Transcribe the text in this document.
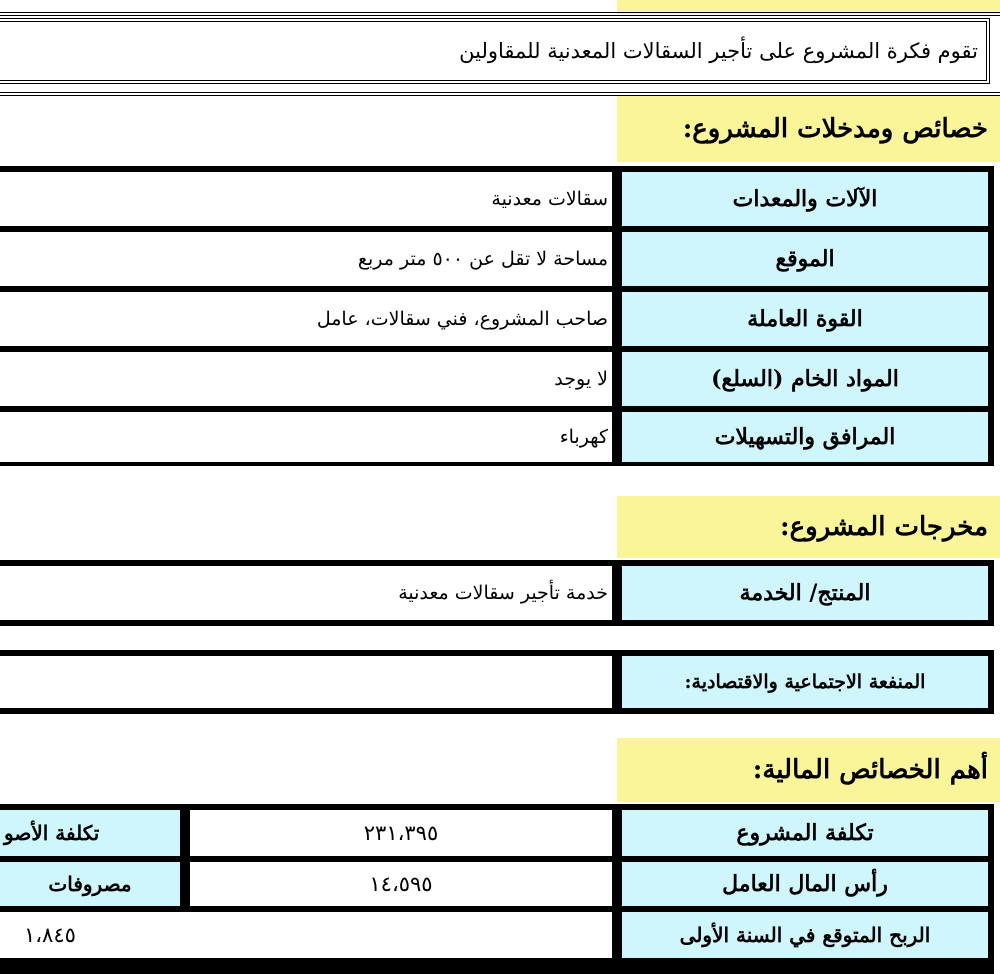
تقوم فكرة المشروع على تأجير السقالات المعدنية للمقاولين
خصائص ومدخلات المشروع:
سقالات معدنية	الآلات والمعدات
مساحة لا تقل عن ٥٠٠ متر مربع	الموقع
صاحب المشروع، فني سقالات، عامل	القوة العاملة
لا يوجد	المواد الخام (السلع)
كهرباء	المرافق والتسهيلات
مخرجات المشروع:
خدمة تأجير سقالات معدنية	المنتج/ الخدمة
المنفعة الاجتماعية والاقتصادية:
أهم الخصائص المالية:
تكلفة الأصو	٢٣١،٣٩٥	تكلفة المشروع
مصروفات	١٤،٥٩٥	رأس المال العامل
١،٨٤٥	الربح المتوقع في السنة الأولى
